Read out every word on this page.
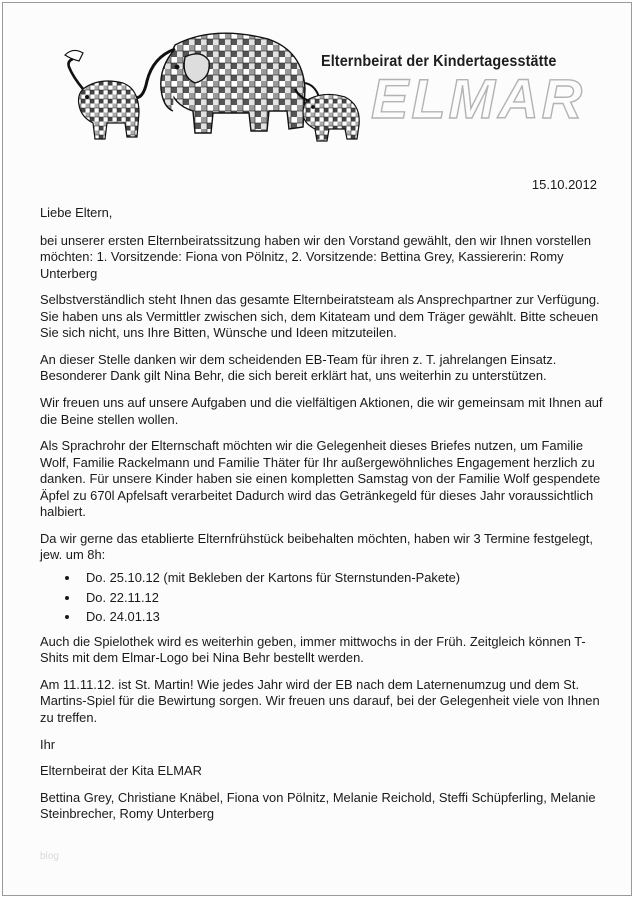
Elternbeirat der Kindertagesstätte
ELMAR
15.10.2012

Liebe Eltern,

bei unserer ersten Elternbeiratssitzung haben wir den Vorstand gewählt, den wir Ihnen vorstellen möchten: 1. Vorsitzende: Fiona von Pölnitz, 2. Vorsitzende: Bettina Grey, Kassiererin: Romy Unterberg

Selbstverständlich steht Ihnen das gesamte Elternbeiratsteam als Ansprechpartner zur Verfügung. Sie haben uns als Vermittler zwischen sich, dem Kitateam und dem Träger gewählt. Bitte scheuen Sie sich nicht, uns Ihre Bitten, Wünsche und Ideen mitzuteilen.

An dieser Stelle danken wir dem scheidenden EB-Team für ihren z. T. jahrelangen Einsatz. Besonderer Dank gilt Nina Behr, die sich bereit erklärt hat, uns weiterhin zu unterstützen.

Wir freuen uns auf unsere Aufgaben und die vielfältigen Aktionen, die wir gemeinsam mit Ihnen auf die Beine stellen wollen.

Als Sprachrohr der Elternschaft möchten wir die Gelegenheit dieses Briefes nutzen, um Familie Wolf, Familie Rackelmann und Familie Thäter für Ihr außergewöhnliches Engagement herzlich zu danken. Für unsere Kinder haben sie einen kompletten Samstag von der Familie Wolf gespendete Äpfel zu 670l Apfelsaft verarbeitet Dadurch wird das Getränkegeld für dieses Jahr voraussichtlich halbiert.

Da wir gerne das etablierte Elternfrühstück beibehalten möchten, haben wir 3 Termine festgelegt, jew. um 8h:

• Do. 25.10.12 (mit Bekleben der Kartons für Sternstunden-Pakete)
• Do. 22.11.12
• Do. 24.01.13

Auch die Spielothek wird es weiterhin geben, immer mittwochs in der Früh. Zeitgleich können T-Shits mit dem Elmar-Logo bei Nina Behr bestellt werden.

Am 11.11.12. ist St. Martin! Wie jedes Jahr wird der EB nach dem Laternenumzug und dem St. Martins-Spiel für die Bewirtung sorgen. Wir freuen uns darauf, bei der Gelegenheit viele von Ihnen zu treffen.

Ihr

Elternbeirat der Kita ELMAR

Bettina Grey, Christiane Knäbel, Fiona von Pölnitz, Melanie Reichold, Steffi Schüpferling, Melanie Steinbrecher, Romy Unterberg

blog
